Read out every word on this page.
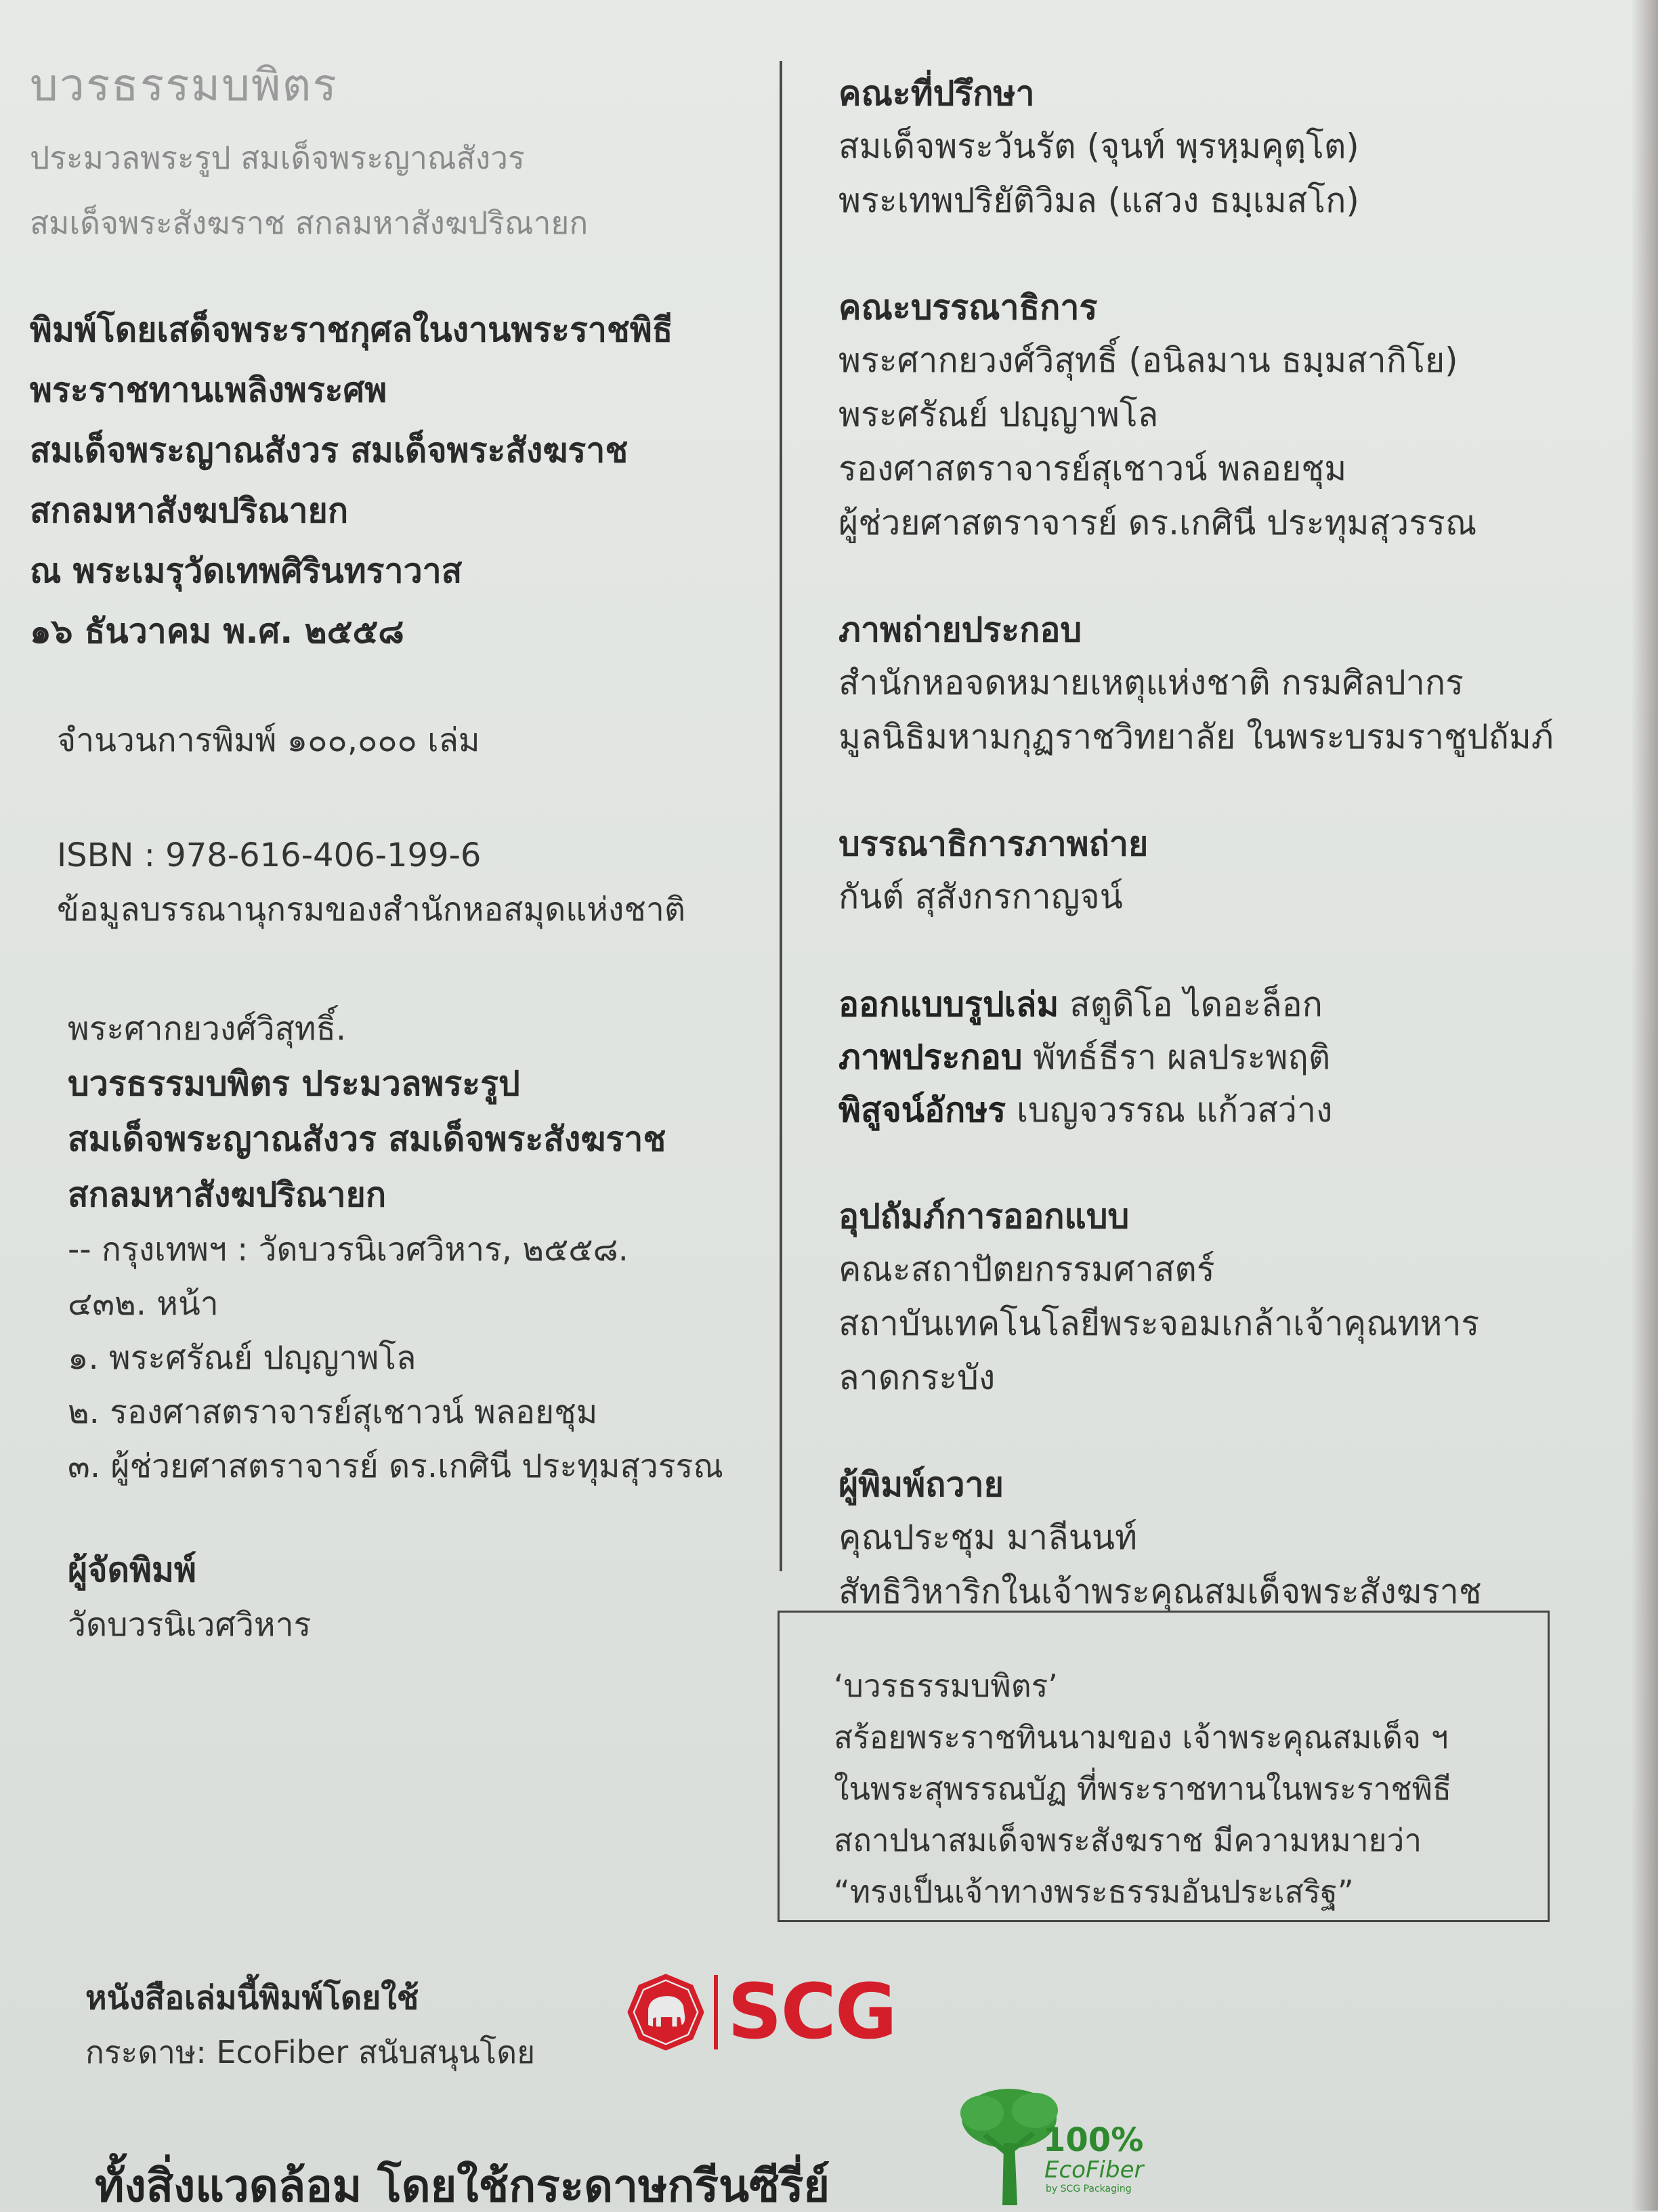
บวรธรรมบพิตร
ประมวลพระรูป สมเด็จพระญาณสังวร
สมเด็จพระสังฆราช สกลมหาสังฆปริณายก
พิมพ์โดยเสด็จพระราชกุศลในงานพระราชพิธี
พระราชทานเพลิงพระศพ
สมเด็จพระญาณสังวร สมเด็จพระสังฆราช
สกลมหาสังฆปริณายก
ณ พระเมรุวัดเทพศิรินทราวาส
๑๖ ธันวาคม พ.ศ. ๒๕๕๘
จำนวนการพิมพ์ ๑๐๐,๐๐๐ เล่ม
ISBN : 978-616-406-199-6
ข้อมูลบรรณานุกรมของสำนักหอสมุดแห่งชาติ
พระศากยวงศ์วิสุทธิ์.
บวรธรรมบพิตร ประมวลพระรูป
สมเด็จพระญาณสังวร สมเด็จพระสังฆราช
สกลมหาสังฆปริณายก
-- กรุงเทพฯ : วัดบวรนิเวศวิหาร, ๒๕๕๘.
๔๓๒. หน้า
๑. พระศรัณย์ ปญฺญาพโล
๒. รองศาสตราจารย์สุเชาวน์ พลอยชุม
๓. ผู้ช่วยศาสตราจารย์ ดร.เกศินี ประทุมสุวรรณ
ผู้จัดพิมพ์
วัดบวรนิเวศวิหาร
คณะที่ปรึกษา
สมเด็จพระวันรัต (จุนท์ พฺรหฺมคุตฺโต)
พระเทพปริยัติวิมล (แสวง ธมฺเมสโก)
คณะบรรณาธิการ
พระศากยวงศ์วิสุทธิ์ (อนิลมาน ธมฺมสากิโย)
พระศรัณย์ ปญฺญาพโล
รองศาสตราจารย์สุเชาวน์ พลอยชุม
ผู้ช่วยศาสตราจารย์ ดร.เกศินี ประทุมสุวรรณ
ภาพถ่ายประกอบ
สำนักหอจดหมายเหตุแห่งชาติ กรมศิลปากร
มูลนิธิมหามกุฏราชวิทยาลัย ในพระบรมราชูปถัมภ์
บรรณาธิการภาพถ่าย
กันต์ สุสังกรกาญจน์
ออกแบบรูปเล่ม สตูดิโอ ไดอะล็อก
ภาพประกอบ พัทธ์ธีรา ผลประพฤติ
พิสูจน์อักษร เบญจวรรณ แก้วสว่าง
อุปถัมภ์การออกแบบ
คณะสถาปัตยกรรมศาสตร์
สถาบันเทคโนโลยีพระจอมเกล้าเจ้าคุณทหารลาดกระบัง
ผู้พิมพ์ถวาย
คุณประชุม มาลีนนท์
สัทธิวิหาริกในเจ้าพระคุณสมเด็จพระสังฆราช
‘บวรธรรมบพิตร’
สร้อยพระราชทินนามของ เจ้าพระคุณสมเด็จ ฯ
ในพระสุพรรณบัฏ ที่พระราชทานในพระราชพิธี
สถาปนาสมเด็จพระสังฆราช มีความหมายว่า
“ทรงเป็นเจ้าทางพระธรรมอันประเสริฐ”
หนังสือเล่มนี้พิมพ์โดยใช้
กระดาษ: EcoFiber สนับสนุนโดย	SCG
100%
EcoFiber
by SCG Packaging
ทั้งสิ่งแวดล้อม โดยใช้กระดาษกรีนซีรี่ย์
